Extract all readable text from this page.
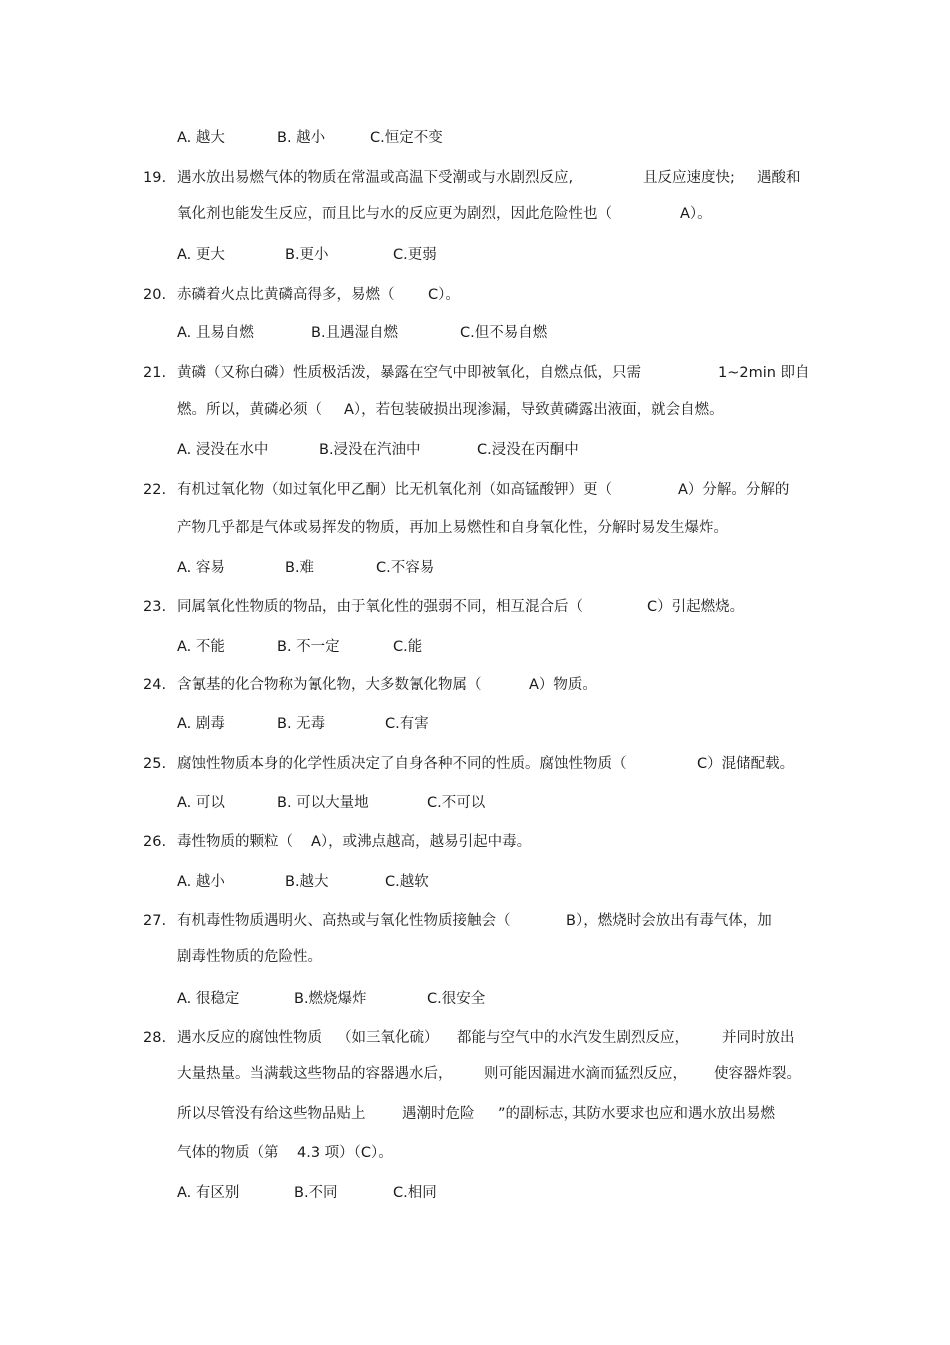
A. 越大

	B. 越小

	C.恒定不变

19. 遇水放出易燃气体的物质在常温或高温下受潮或与水剧烈反应,	且反应速度快; 遇酸和
氧化剂也能发生反应，而且比与水的反应更为剧烈，因此危险性也（	A）。

A. 更大

	B.更小

	C.更弱

20. 赤磷着火点比黄磷高得多，易燃（ C）。

A. 且易自燃

	B.且遇湿自燃

	C.但不易自燃

21. 黄磷（又称白磷）性质极活泼，暴露在空气中即被氧化，自燃点低，只需	1~2min 即自
燃。所以，黄磷必须（ A），若包装破损出现渗漏，导致黄磷露出液面，就会自燃。

A. 浸没在水中

	B.浸没在汽油中

	C.浸没在丙酮中

22. 有机过氧化物（如过氧化甲乙酮）比无机氧化剂（如高锰酸钾）更（	A）分解。分解的
产物几乎都是气体或易挥发的物质，再加上易燃性和自身氧化性，分解时易发生爆炸。

A. 容易

	B.难

	C.不容易

23. 同属氧化性物质的物品，由于氧化性的强弱不同，相互混合后（	C）引起燃烧。

A. 不能

	B. 不一定

	C.能

24. 含氰基的化合物称为氰化物，大多数氰化物属（	A）物质。

A. 剧毒

	B. 无毒

	C.有害

25. 腐蚀性物质本身的化学性质决定了自身各种不同的性质。腐蚀性物质（	C）混储配载。

A. 可以

	B. 可以大量地

	C.不可以

26. 毒性物质的颗粒（ A），或沸点越高，越易引起中毒。

A. 越小

	B.越大

	C.越软

27. 有机毒性物质遇明火、高热或与氧化性物质接触会（	B），燃烧时会放出有毒气体，加
剧毒性物质的危险性。

A. 很稳定

	B.燃烧爆炸

	C.很安全

28. 遇水反应的腐蚀性物质 （如三氧化硫） 都能与空气中的水汽发生剧烈反应， 并同时放出
大量热量。当满载这些物品的容器遇水后， 则可能因漏进水滴而猛烈反应， 使容器炸裂。
所以尽管没有给这些物品贴上	遇潮时危险 ”的副标志，
其防水要求也应和遇水放出易燃
气体的物质（第 4.3 项）（C）。

A. 有区别

	B.不同

	C.相同
